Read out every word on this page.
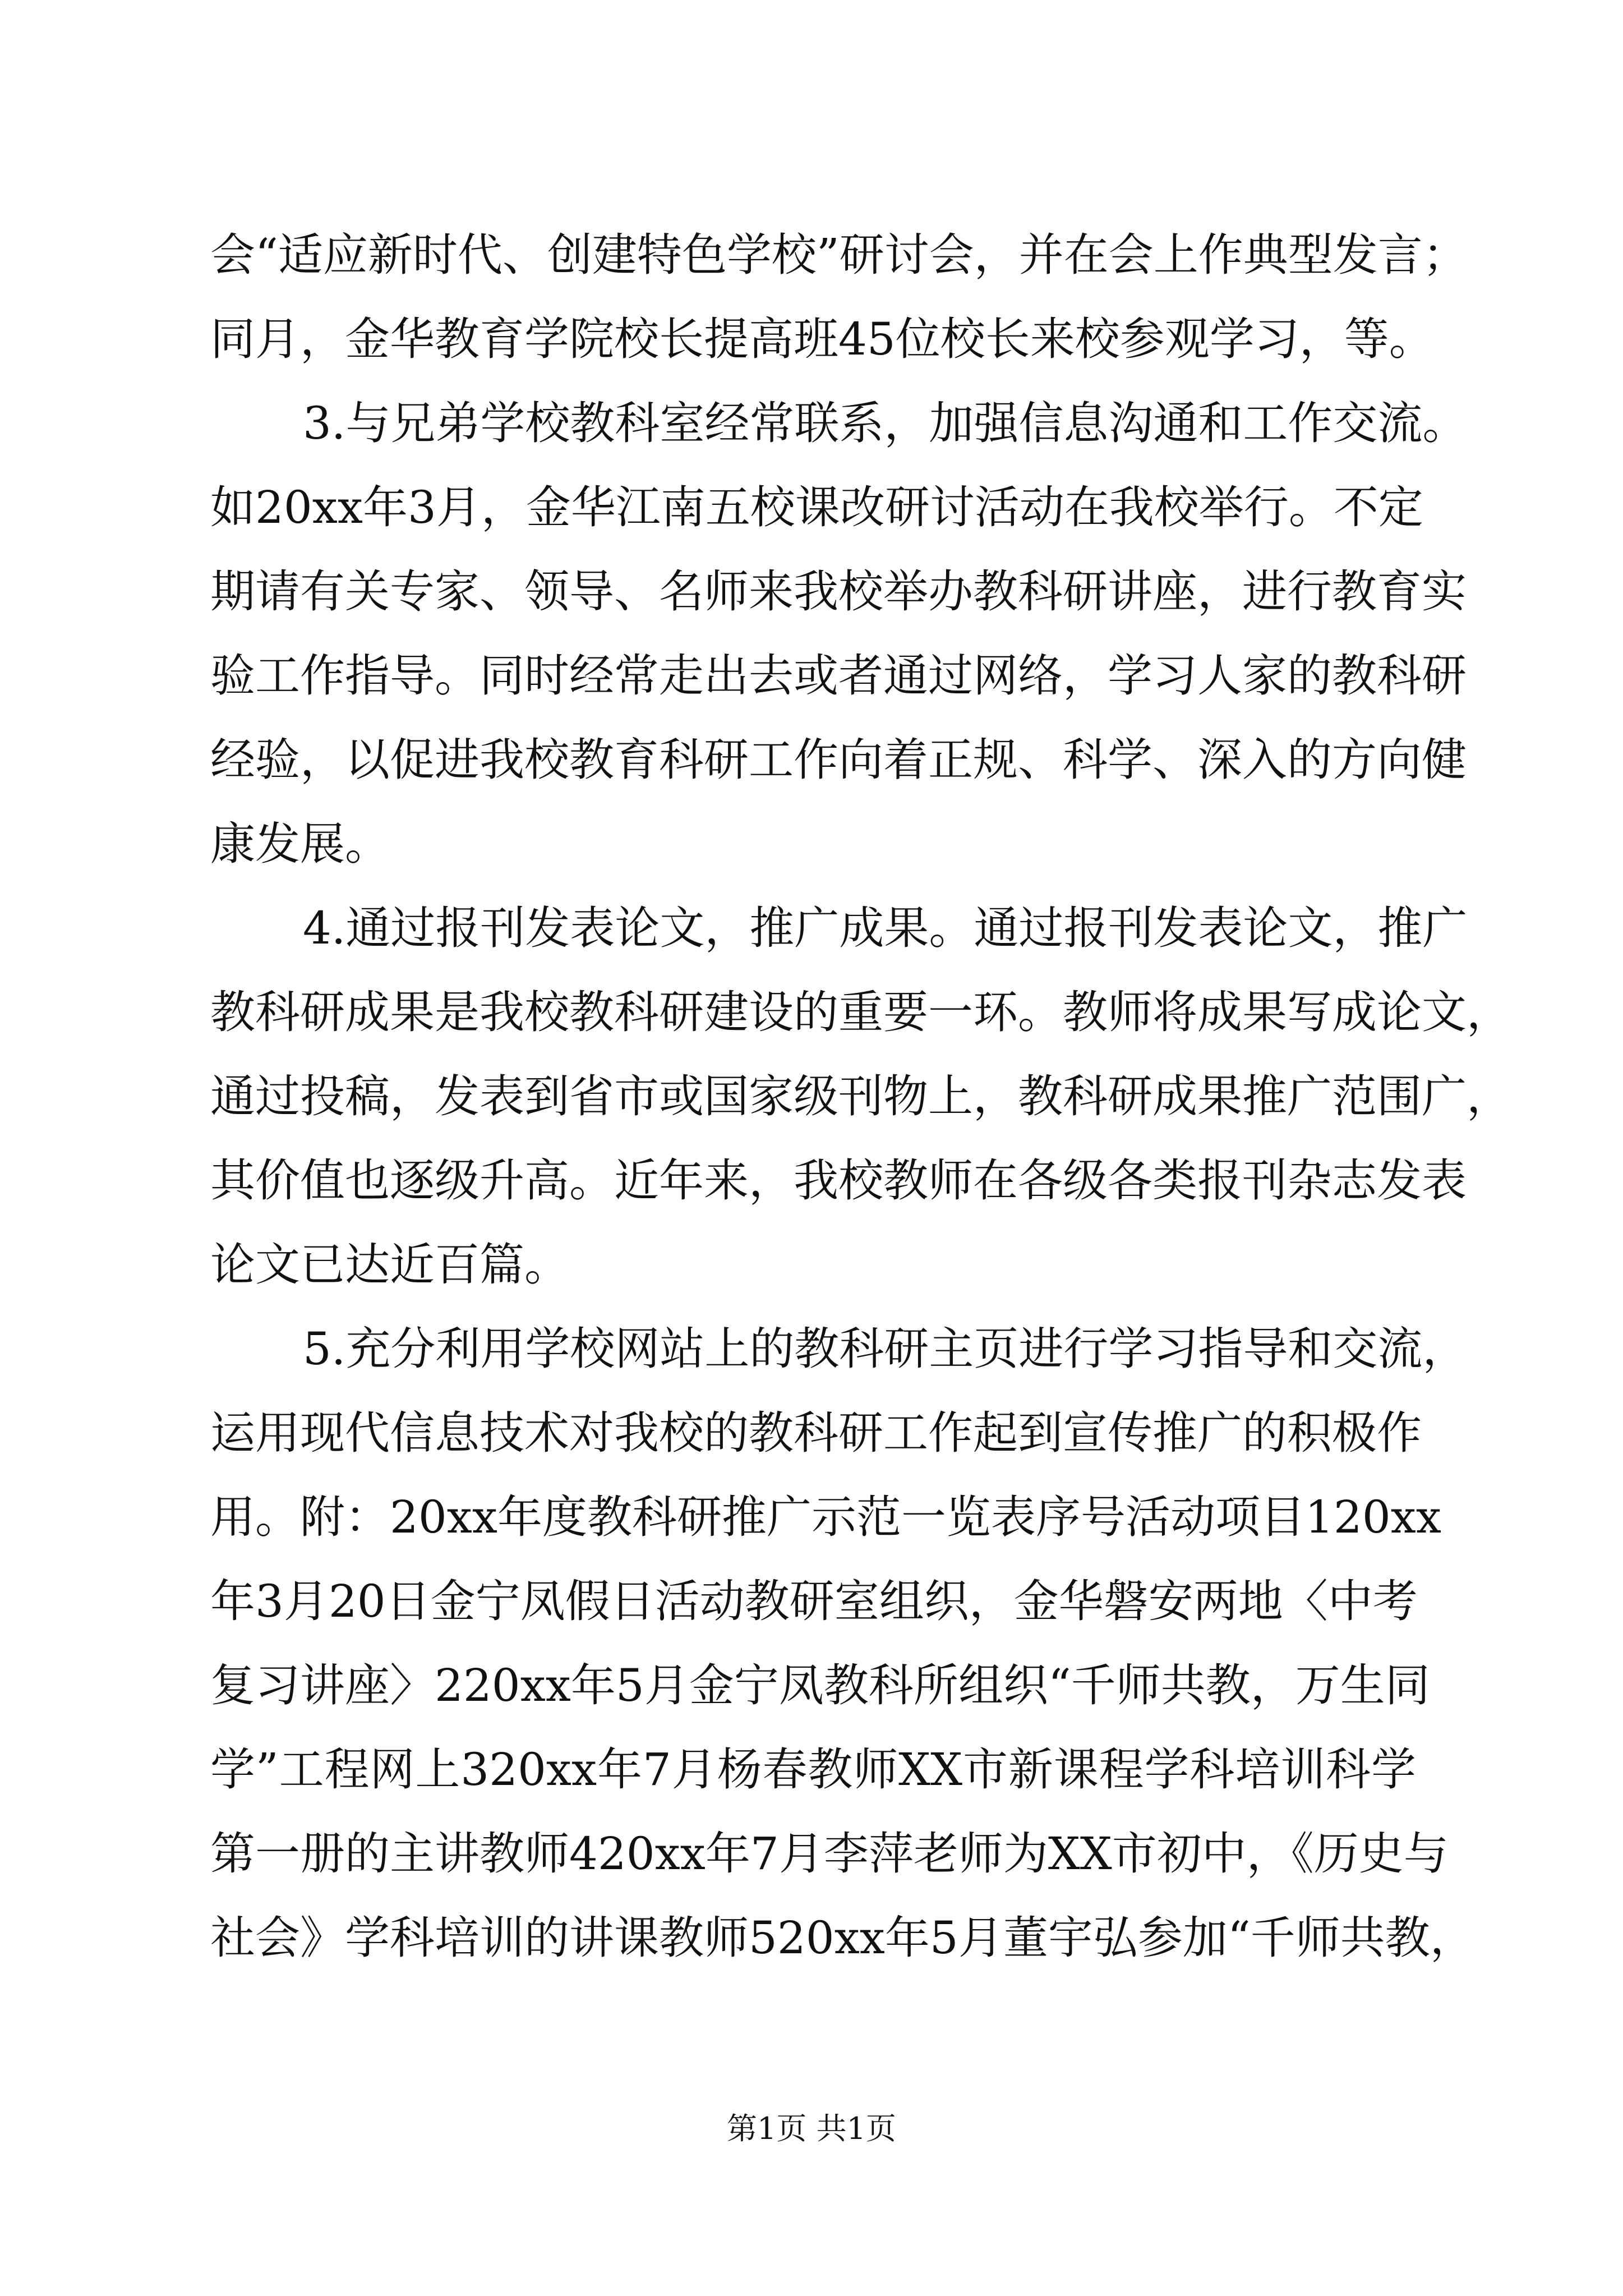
会“适应新时代、创建特色学校”研讨会，并在会上作典型发言；
同月，金华教育学院校长提高班45位校长来校参观学习，等。
3.与兄弟学校教科室经常联系，加强信息沟通和工作交流。
如20xx年3月，金华江南五校课改研讨活动在我校举行。不定
期请有关专家、领导、名师来我校举办教科研讲座，进行教育实
验工作指导。同时经常走出去或者通过网络，学习人家的教科研
经验，以促进我校教育科研工作向着正规、科学、深入的方向健
康发展。
4.通过报刊发表论文，推广成果。通过报刊发表论文，推广
教科研成果是我校教科研建设的重要一环。教师将成果写成论文，
通过投稿，发表到省市或国家级刊物上，教科研成果推广范围广，
其价值也逐级升高。近年来，我校教师在各级各类报刊杂志发表
论文已达近百篇。
5.充分利用学校网站上的教科研主页进行学习指导和交流，
运用现代信息技术对我校的教科研工作起到宣传推广的积极作
用。附：20xx年度教科研推广示范一览表序号活动项目120xx
年3月20日金宁凤假日活动教研室组织，金华磐安两地〈中考
复习讲座〉220xx年5月金宁凤教科所组织“千师共教，万生同
学”工程网上320xx年7月杨春教师XX市新课程学科培训科学
第一册的主讲教师420xx年7月李萍老师为XX市初中，《历史与
社会》学科培训的讲课教师520xx年5月董宇弘参加“千师共教，
第1页 共1页
